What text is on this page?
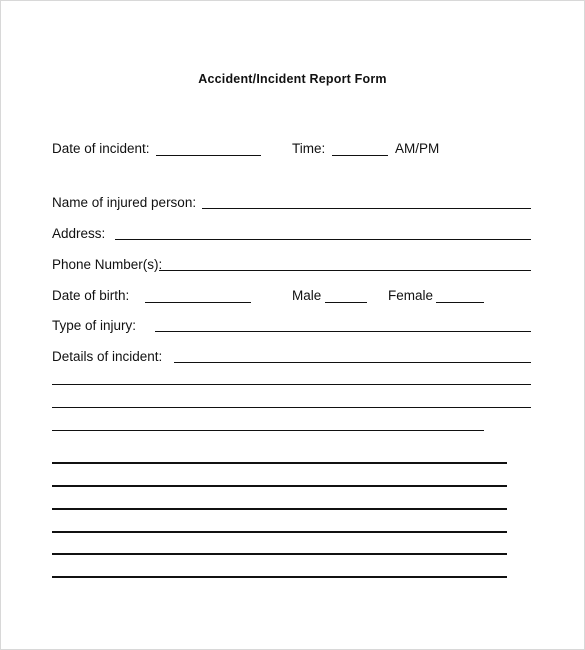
Accident/Incident Report Form
Date of incident:	Time:	AM/PM
Name of injured person:
Address:
Phone Number(s):
Date of birth:	Male	Female
Type of injury:
Details of incident:
